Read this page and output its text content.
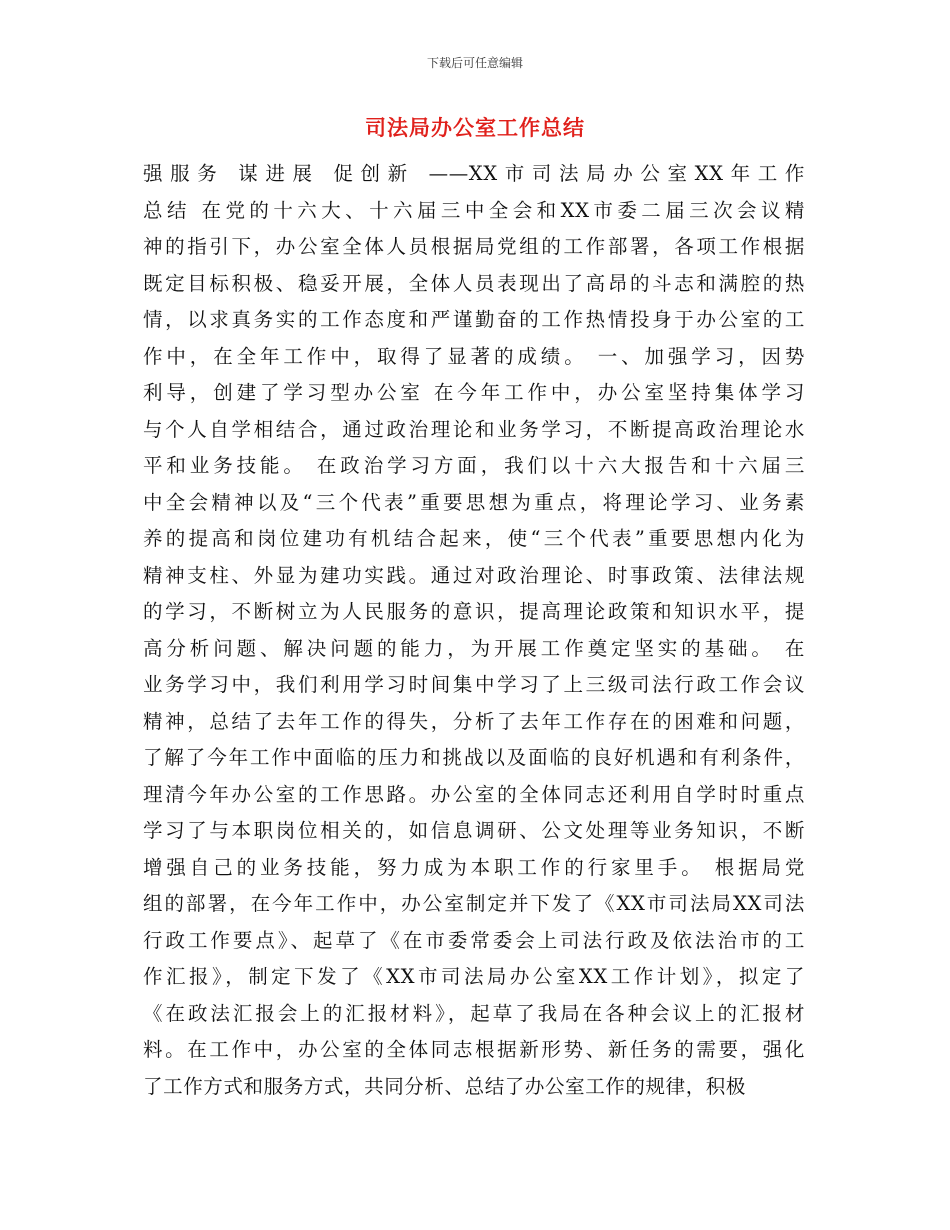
下载后可任意编辑
司法局办公室工作总结
强服务 谋进展 促创新 ——XX市司法局办公室XX年工作
总结 在党的十六大、十六届三中全会和XX市委二届三次会议精
神的指引下，办公室全体人员根据局党组的工作部署，各项工作根据
既定目标积极、稳妥开展，全体人员表现出了高昂的斗志和满腔的热
情，以求真务实的工作态度和严谨勤奋的工作热情投身于办公室的工
作中，在全年工作中，取得了显著的成绩。 一、加强学习，因势
利导，创建了学习型办公室 在今年工作中，办公室坚持集体学习
与个人自学相结合，通过政治理论和业务学习，不断提高政治理论水
平和业务技能。 在政治学习方面，我们以十六大报告和十六届三
中全会精神以及“三个代表”重要思想为重点，将理论学习、业务素
养的提高和岗位建功有机结合起来，使“三个代表”重要思想内化为
精神支柱、外显为建功实践。通过对政治理论、时事政策、法律法规
的学习，不断树立为人民服务的意识，提高理论政策和知识水平，提
高分析问题、解决问题的能力，为开展工作奠定坚实的基础。 在
业务学习中，我们利用学习时间集中学习了上三级司法行政工作会议
精神，总结了去年工作的得失，分析了去年工作存在的困难和问题，
了解了今年工作中面临的压力和挑战以及面临的良好机遇和有利条件，
理清今年办公室的工作思路。办公室的全体同志还利用自学时时重点
学习了与本职岗位相关的，如信息调研、公文处理等业务知识，不断
增强自己的业务技能，努力成为本职工作的行家里手。 根据局党
组的部署，在今年工作中，办公室制定并下发了《XX市司法局XX司法
行政工作要点》、起草了《在市委常委会上司法行政及依法治市的工
作汇报》，制定下发了《XX市司法局办公室XX工作计划》，拟定了
《在政法汇报会上的汇报材料》，起草了我局在各种会议上的汇报材
料。在工作中，办公室的全体同志根据新形势、新任务的需要，强化
了工作方式和服务方式，共同分析、总结了办公室工作的规律，积极
